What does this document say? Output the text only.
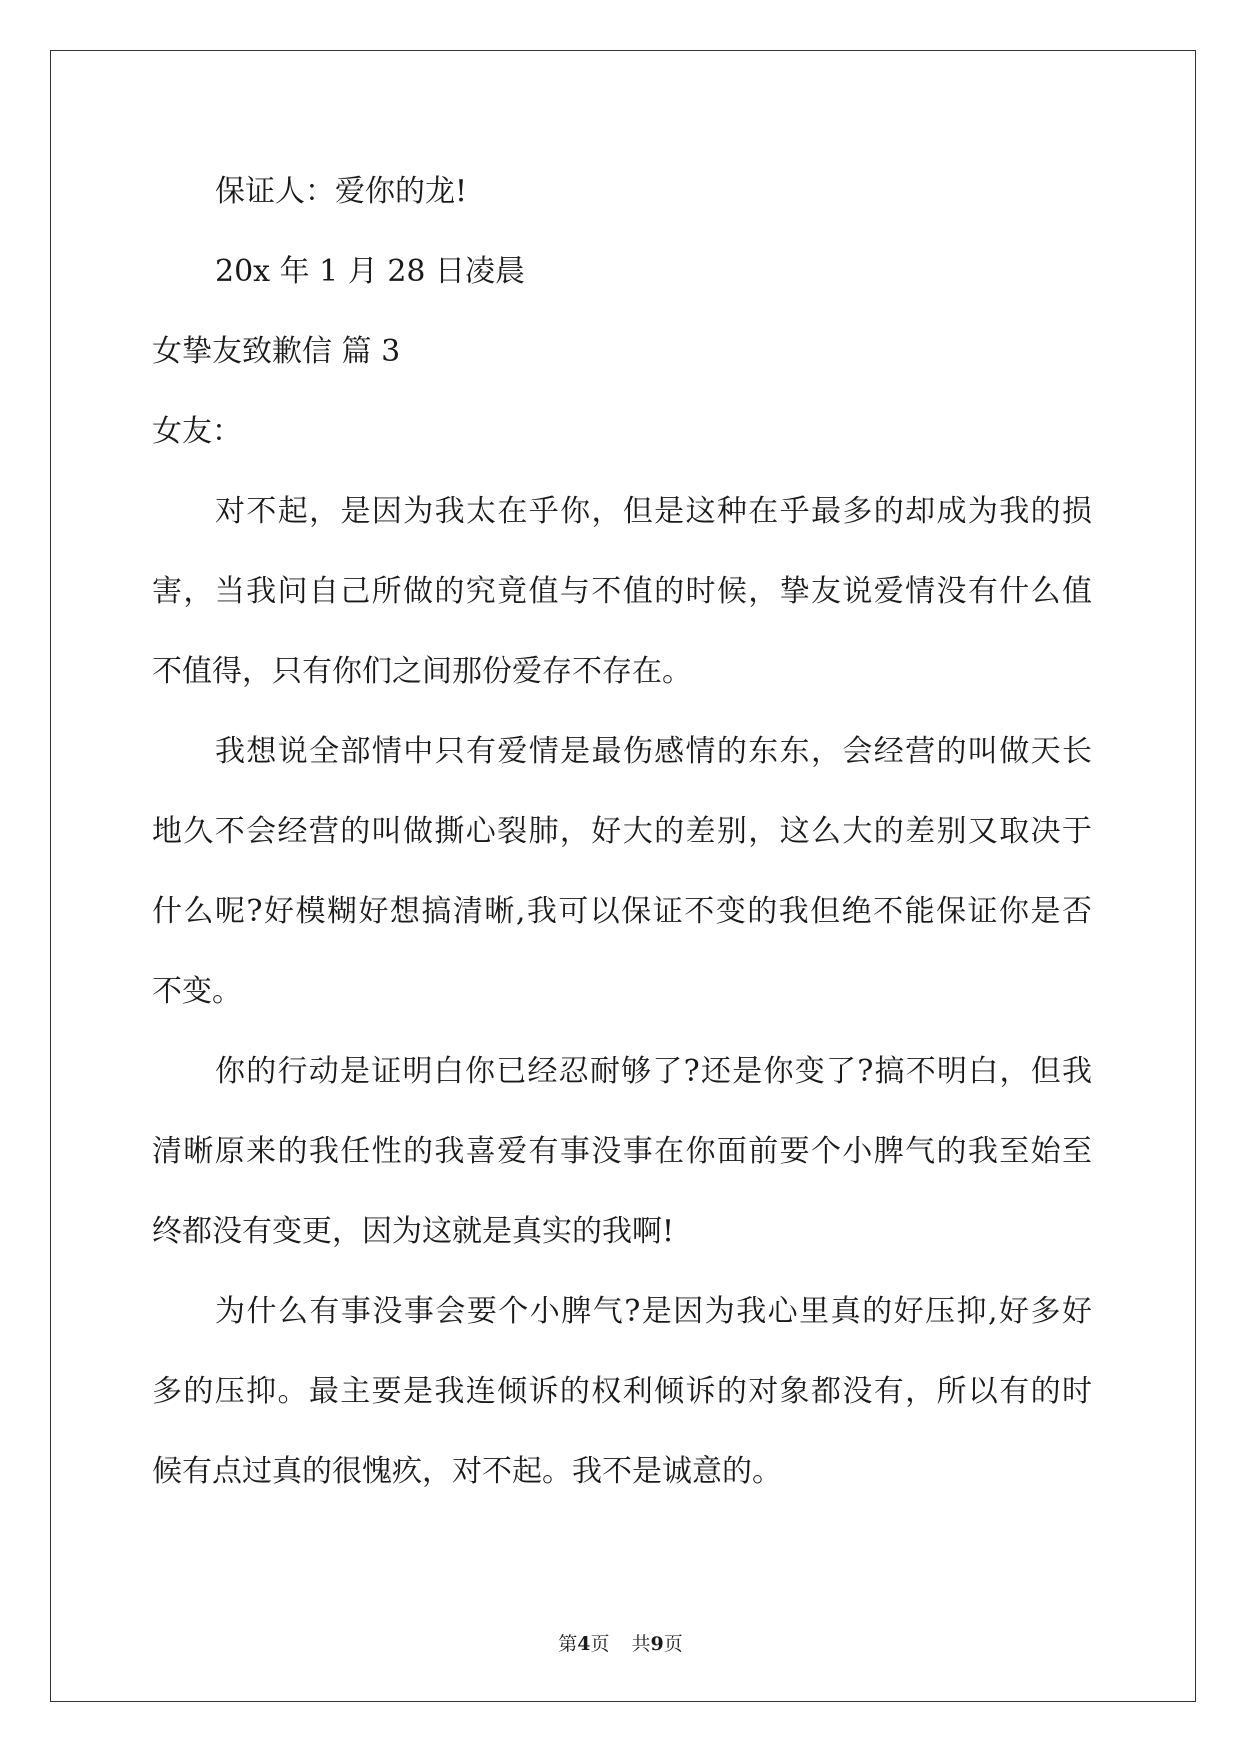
保证人：爱你的龙!
20x 年 1 月 28 日凌晨
女挚友致歉信 篇 3
女友：
对不起，是因为我太在乎你，但是这种在乎最多的却成为我的损
害，当我问自己所做的究竟值与不值的时候，挚友说爱情没有什么值
不值得，只有你们之间那份爱存不存在。
我想说全部情中只有爱情是最伤感情的东东，会经营的叫做天长
地久不会经营的叫做撕心裂肺，好大的差别，这么大的差别又取决于
什么呢?好模糊好想搞清晰,我可以保证不变的我但绝不能保证你是否
不变。
你的行动是证明白你已经忍耐够了?还是你变了?搞不明白，但我
清晰原来的我任性的我喜爱有事没事在你面前要个小脾气的我至始至
终都没有变更，因为这就是真实的我啊!
为什么有事没事会要个小脾气?是因为我心里真的好压抑,好多好
多的压抑。最主要是我连倾诉的权利倾诉的对象都没有，所以有的时
候有点过真的很愧疚，对不起。我不是诚意的。
第4页 共9页
